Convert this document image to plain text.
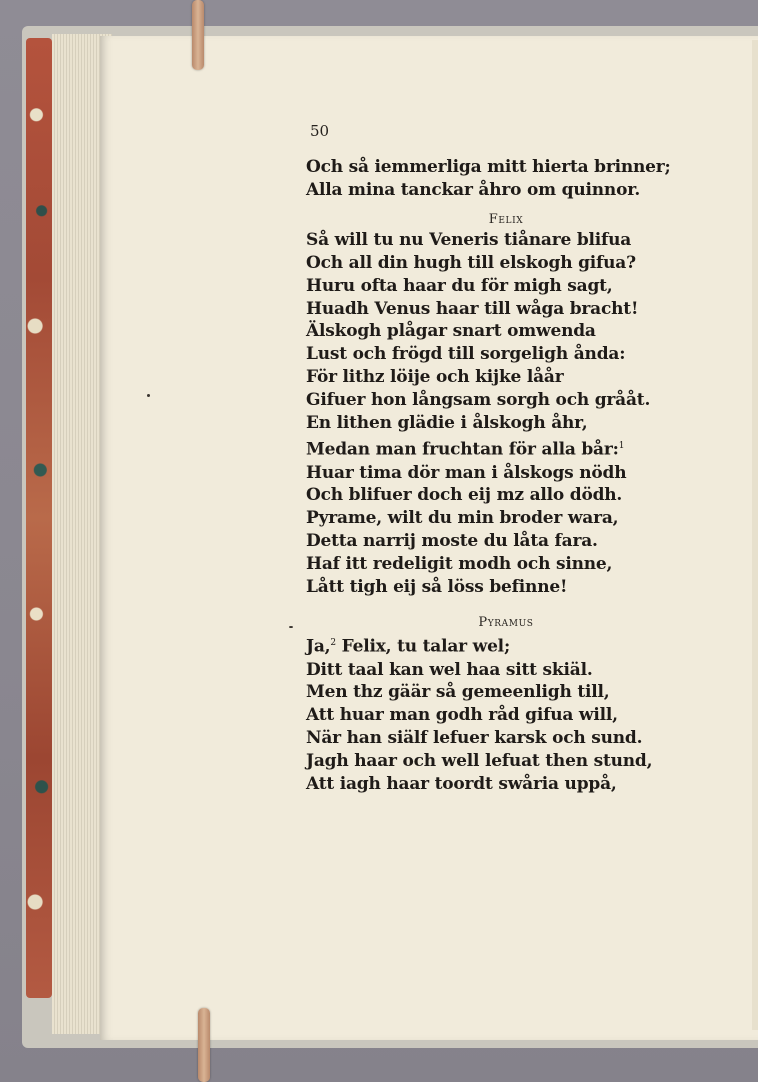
50
Och så iemmerliga mitt hierta brinner;
Alla mina tanckar åhro om quinnor.
Felix
Så will tu nu Veneris tiånare blifua
Och all din hugh till elskogh gifua?
Huru ofta haar du för migh sagt,
Huadh Venus haar till wåga bracht!
Älskogh plågar snart omwenda
Lust och frögd till sorgeligh ånda:
För lithz löije och kijke låår
Gifuer hon långsam sorgh och grååt.
En lithen glädie i ålskogh åhr,
Medan man fruchtan för alla bår:$^1$
Huar tima dör man i ålskogs nödh
Och blifuer doch eij mz allo dödh.
Pyrame, wilt du min broder wara,
Detta narrij moste du låta fara.
Haf itt redeligit modh och sinne,
Lått tigh eij så löss befinne!
Pyramus
Ja,$^2$ Felix, tu talar wel;
Ditt taal kan wel haa sitt skiäl.
Men thz gäär så gemeenligh till,
Att huar man godh råd gifua will,
När han siälf lefuer karsk och sund.
Jagh haar och well lefuat then stund,
Att iagh haar toordt swåria uppå,
